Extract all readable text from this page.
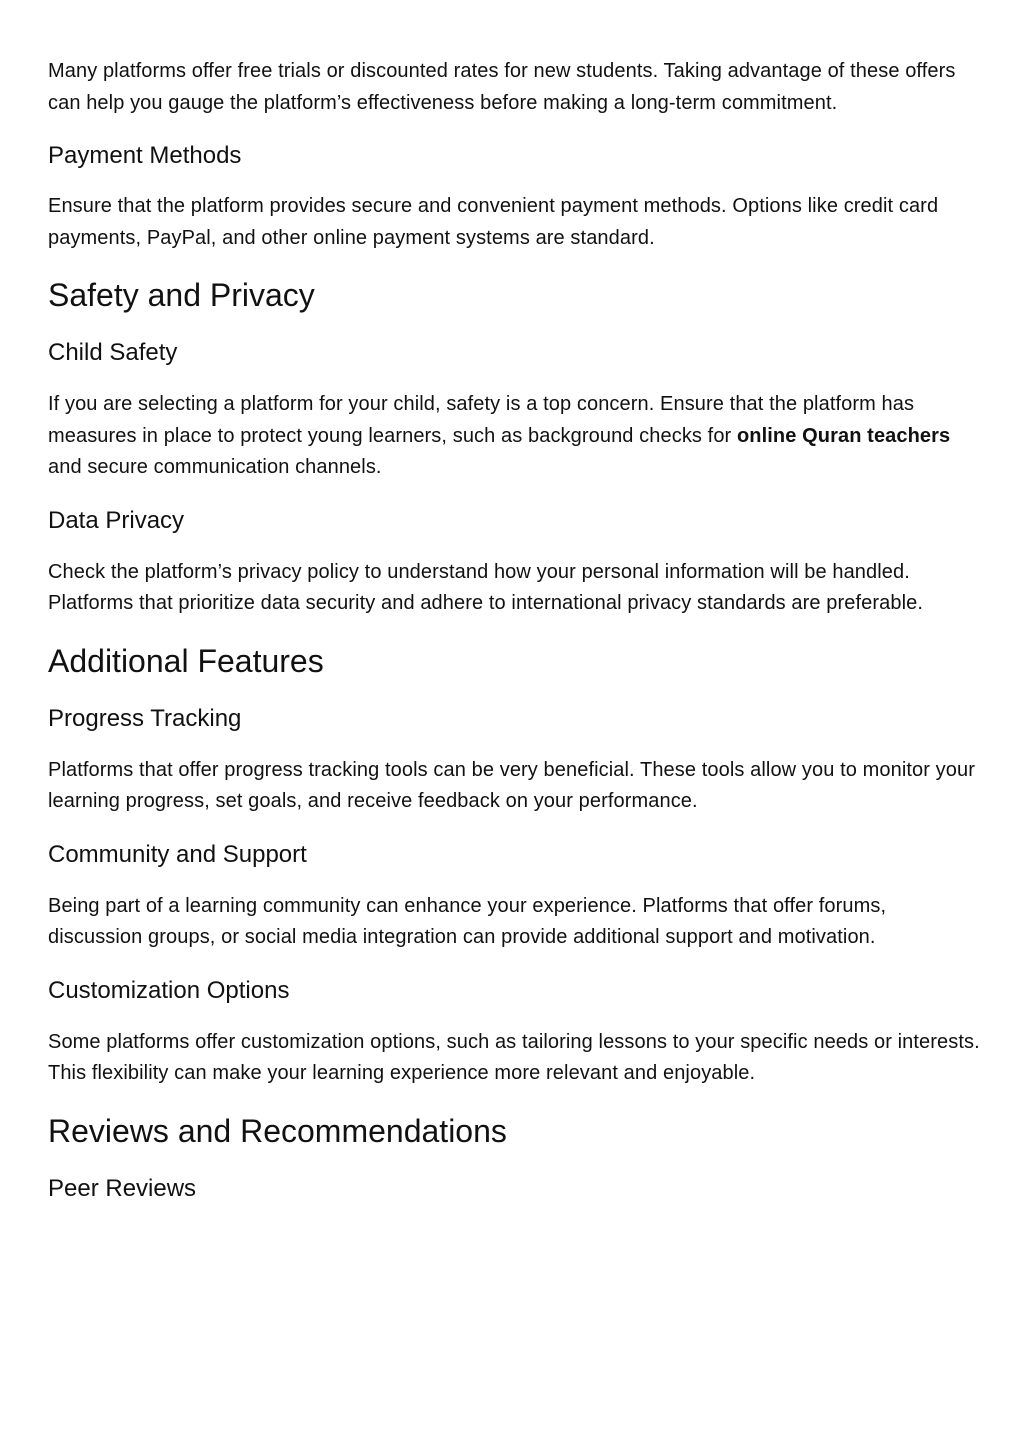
Many platforms offer free trials or discounted rates for new students. Taking advantage of these offers can help you gauge the platform’s effectiveness before making a long-term commitment.

Payment Methods

Ensure that the platform provides secure and convenient payment methods. Options like credit card payments, PayPal, and other online payment systems are standard.

Safety and Privacy
Child Safety

If you are selecting a platform for your child, safety is a top concern. Ensure that the platform has measures in place to protect young learners, such as background checks for online Quran teachers and secure communication channels.

Data Privacy

Check the platform’s privacy policy to understand how your personal information will be handled. Platforms that prioritize data security and adhere to international privacy standards are preferable.

Additional Features
Progress Tracking

Platforms that offer progress tracking tools can be very beneficial. These tools allow you to monitor your learning progress, set goals, and receive feedback on your performance.

Community and Support

Being part of a learning community can enhance your experience. Platforms that offer forums, discussion groups, or social media integration can provide additional support and motivation.

Customization Options

Some platforms offer customization options, such as tailoring lessons to your specific needs or interests. This flexibility can make your learning experience more relevant and enjoyable.

Reviews and Recommendations
Peer Reviews
